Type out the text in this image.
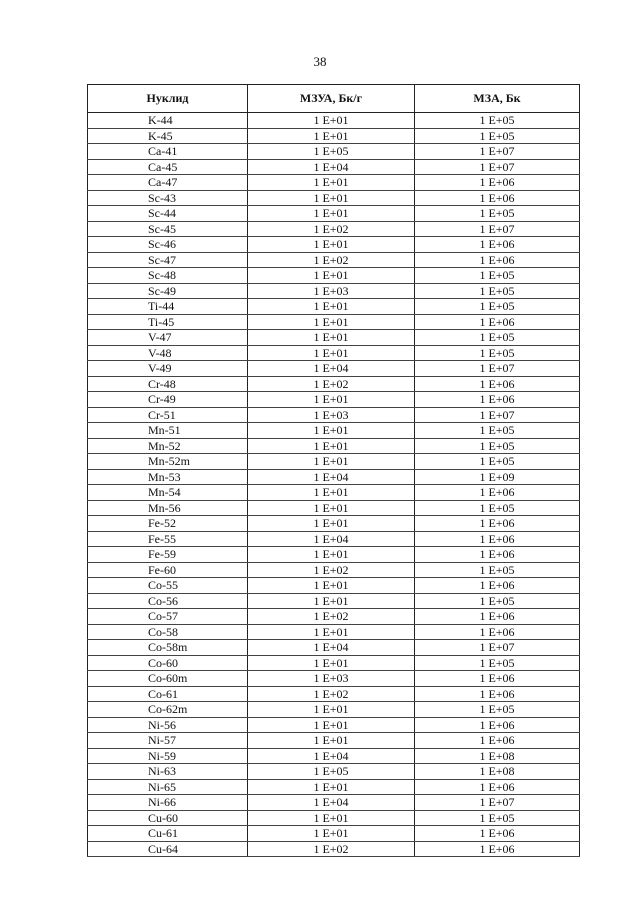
38
Нуклид	МЗУА, Бк/г	МЗА, Бк
K-44	1 E+01	1 E+05
K-45	1 E+01	1 E+05
Ca-41	1 E+05	1 E+07
Ca-45	1 E+04	1 E+07
Ca-47	1 E+01	1 E+06
Sc-43	1 E+01	1 E+06
Sc-44	1 E+01	1 E+05
Sc-45	1 E+02	1 E+07
Sc-46	1 E+01	1 E+06
Sc-47	1 E+02	1 E+06
Sc-48	1 E+01	1 E+05
Sc-49	1 E+03	1 E+05
Ti-44	1 E+01	1 E+05
Ti-45	1 E+01	1 E+06
V-47	1 E+01	1 E+05
V-48	1 E+01	1 E+05
V-49	1 E+04	1 E+07
Cr-48	1 E+02	1 E+06
Cr-49	1 E+01	1 E+06
Cr-51	1 E+03	1 E+07
Mn-51	1 E+01	1 E+05
Mn-52	1 E+01	1 E+05
Mn-52m	1 E+01	1 E+05
Mn-53	1 E+04	1 E+09
Mn-54	1 E+01	1 E+06
Mn-56	1 E+01	1 E+05
Fe-52	1 E+01	1 E+06
Fe-55	1 E+04	1 E+06
Fe-59	1 E+01	1 E+06
Fe-60	1 E+02	1 E+05
Co-55	1 E+01	1 E+06
Co-56	1 E+01	1 E+05
Co-57	1 E+02	1 E+06
Co-58	1 E+01	1 E+06
Co-58m	1 E+04	1 E+07
Co-60	1 E+01	1 E+05
Co-60m	1 E+03	1 E+06
Co-61	1 E+02	1 E+06
Co-62m	1 E+01	1 E+05
Ni-56	1 E+01	1 E+06
Ni-57	1 E+01	1 E+06
Ni-59	1 E+04	1 E+08
Ni-63	1 E+05	1 E+08
Ni-65	1 E+01	1 E+06
Ni-66	1 E+04	1 E+07
Cu-60	1 E+01	1 E+05
Cu-61	1 E+01	1 E+06
Cu-64	1 E+02	1 E+06
